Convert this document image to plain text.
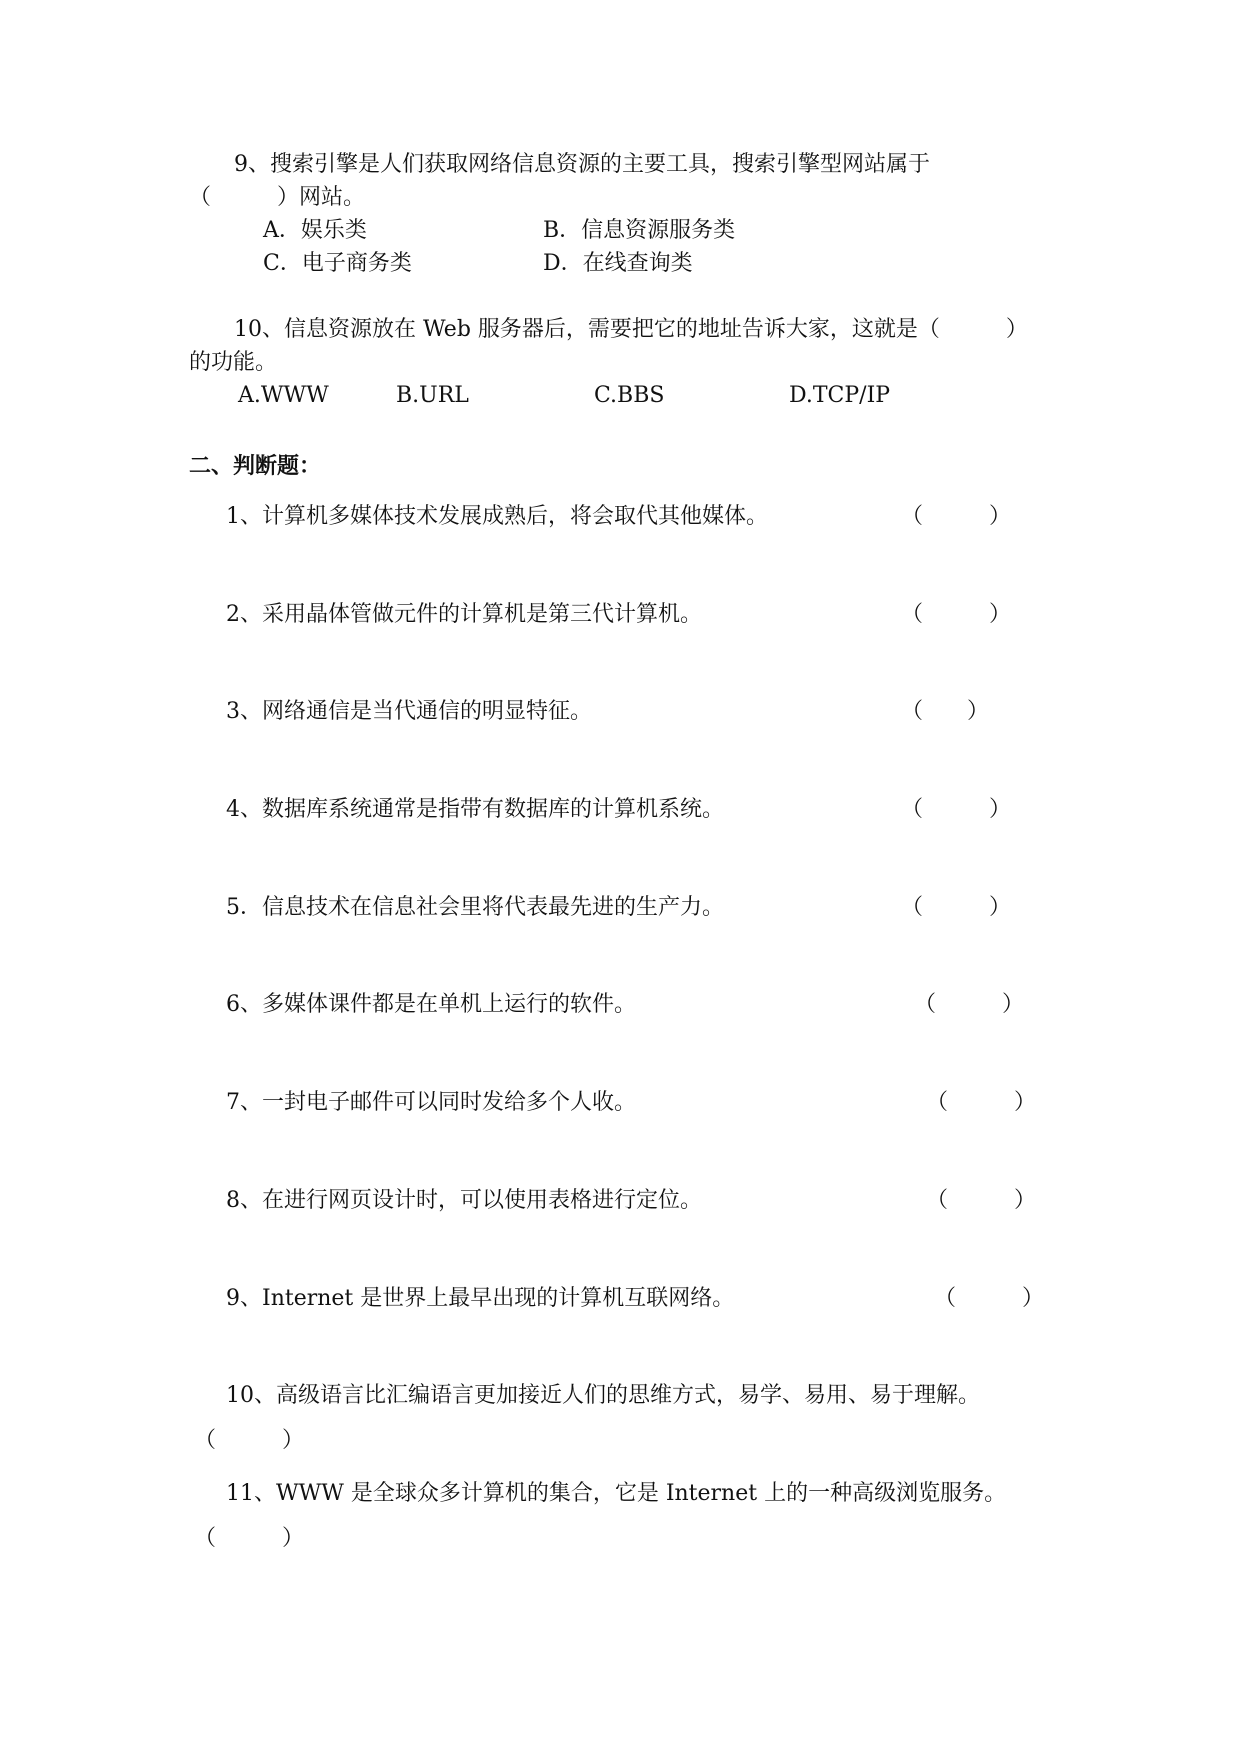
9、搜索引擎是人们获取网络信息资源的主要工具，搜索引擎型网站属于
（　　　）网站。
A．娱乐类	B．信息资源服务类
C．电子商务类	D．在线查询类
10、信息资源放在 Web 服务器后，需要把它的地址告诉大家，这就是（　　　）
的功能。
A.WWW	B.URL	C.BBS	D.TCP/IP
二、判断题：
1、计算机多媒体技术发展成熟后，将会取代其他媒体。	（　　　）
2、采用晶体管做元件的计算机是第三代计算机。	（　　　）
3、网络通信是当代通信的明显特征。	（　　）
4、数据库系统通常是指带有数据库的计算机系统。	（　　　）
5．信息技术在信息社会里将代表最先进的生产力。	（　　　）
6、多媒体课件都是在单机上运行的软件。	（　　　）
7、一封电子邮件可以同时发给多个人收。	（　　　）
8、在进行网页设计时，可以使用表格进行定位。	（　　　）
9、Internet 是世界上最早出现的计算机互联网络。	（　　　）
10、高级语言比汇编语言更加接近人们的思维方式，易学、易用、易于理解。
（　　　）
11、WWW 是全球众多计算机的集合，它是 Internet 上的一种高级浏览服务。
（　　　）
